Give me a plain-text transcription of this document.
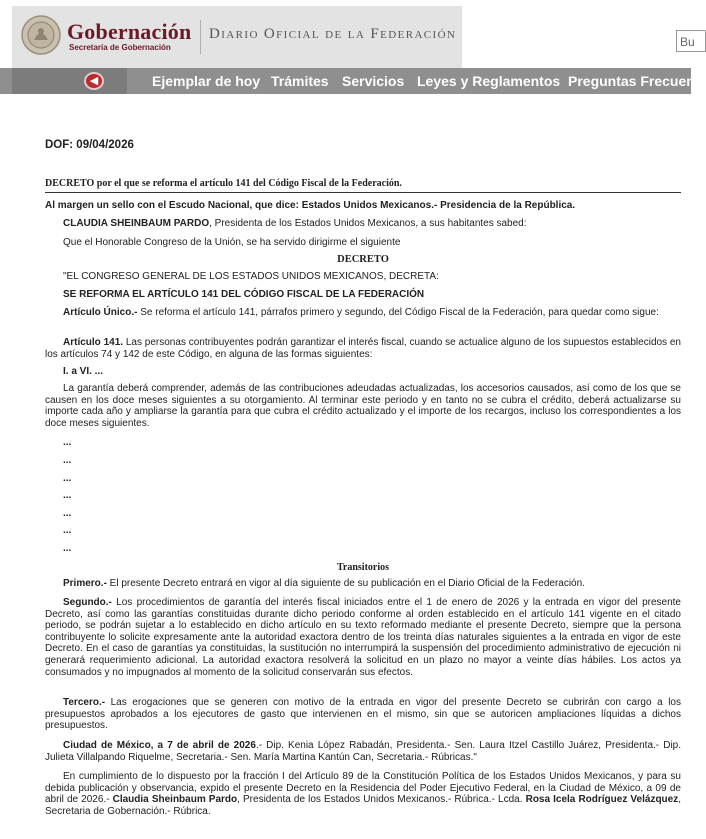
Gobernación
Secretaría de Gobernación
Diario Oficial de la Federación	Bu
◀	Ejemplar de hoy Trámites Servicios Leyes y Reglamentos Preguntas Frecuent
DOF: 09/04/2026
DECRETO por el que se reforma el artículo 141 del Código Fiscal de la Federación.

Al margen un sello con el Escudo Nacional, que dice: Estados Unidos Mexicanos.- Presidencia de la República.

CLAUDIA SHEINBAUM PARDO, Presidenta de los Estados Unidos Mexicanos, a sus habitantes sabed:

Que el Honorable Congreso de la Unión, se ha servido dirigirme el siguiente

DECRETO

"EL CONGRESO GENERAL DE LOS ESTADOS UNIDOS MEXICANOS, DECRETA:

SE REFORMA EL ARTÍCULO 141 DEL CÓDIGO FISCAL DE LA FEDERACIÓN

Artículo Único.- Se reforma el artículo 141, párrafos primero y segundo, del Código Fiscal de la Federación, para quedar como sigue:

Artículo 141. Las personas contribuyentes podrán garantizar el interés fiscal, cuando se actualice alguno de los supuestos establecidos en los artículos 74 y 142 de este Código, en alguna de las formas siguientes:

I. a VI. ...

La garantía deberá comprender, además de las contribuciones adeudadas actualizadas, los accesorios causados, así como de los que se causen en los doce meses siguientes a su otorgamiento. Al terminar este periodo y en tanto no se cubra el crédito, deberá actualizarse su importe cada año y ampliarse la garantía para que cubra el crédito actualizado y el importe de los recargos, incluso los correspondientes a los doce meses siguientes.

...

...

...

...

...

...

...

Transitorios

Primero.- El presente Decreto entrará en vigor al día siguiente de su publicación en el Diario Oficial de la Federación.

Segundo.- Los procedimientos de garantía del interés fiscal iniciados entre el 1 de enero de 2026 y la entrada en vigor del presente Decreto, así como las garantías constituidas durante dicho periodo conforme al orden establecido en el artículo 141 vigente en el citado periodo, se podrán sujetar a lo establecido en dicho artículo en su texto reformado mediante el presente Decreto, siempre que la persona contribuyente lo solicite expresamente ante la autoridad exactora dentro de los treinta días naturales siguientes a la entrada en vigor de este Decreto. En el caso de garantías ya constituidas, la sustitución no interrumpirá la suspensión del procedimiento administrativo de ejecución ni generará requerimiento adicional. La autoridad exactora resolverá la solicitud en un plazo no mayor a veinte días hábiles. Los actos ya consumados y no impugnados al momento de la solicitud conservarán sus efectos.

Tercero.- Las erogaciones que se generen con motivo de la entrada en vigor del presente Decreto se cubrirán con cargo a los presupuestos aprobados a los ejecutores de gasto que intervienen en el mismo, sin que se autoricen ampliaciones líquidas a dichos presupuestos.

Ciudad de México, a 7 de abril de 2026.- Dip. Kenia López Rabadán, Presidenta.- Sen. Laura Itzel Castillo Juárez, Presidenta.- Dip. Julieta Villalpando Riquelme, Secretaria.- Sen. María Martina Kantún Can, Secretaria.- Rúbricas."

En cumplimiento de lo dispuesto por la fracción I del Artículo 89 de la Constitución Política de los Estados Unidos Mexicanos, y para su debida publicación y observancia, expido el presente Decreto en la Residencia del Poder Ejecutivo Federal, en la Ciudad de México, a 09 de abril de 2026.- Claudia Sheinbaum Pardo, Presidenta de los Estados Unidos Mexicanos.- Rúbrica.- Lcda. Rosa Icela Rodríguez Velázquez, Secretaria de Gobernación.- Rúbrica.
